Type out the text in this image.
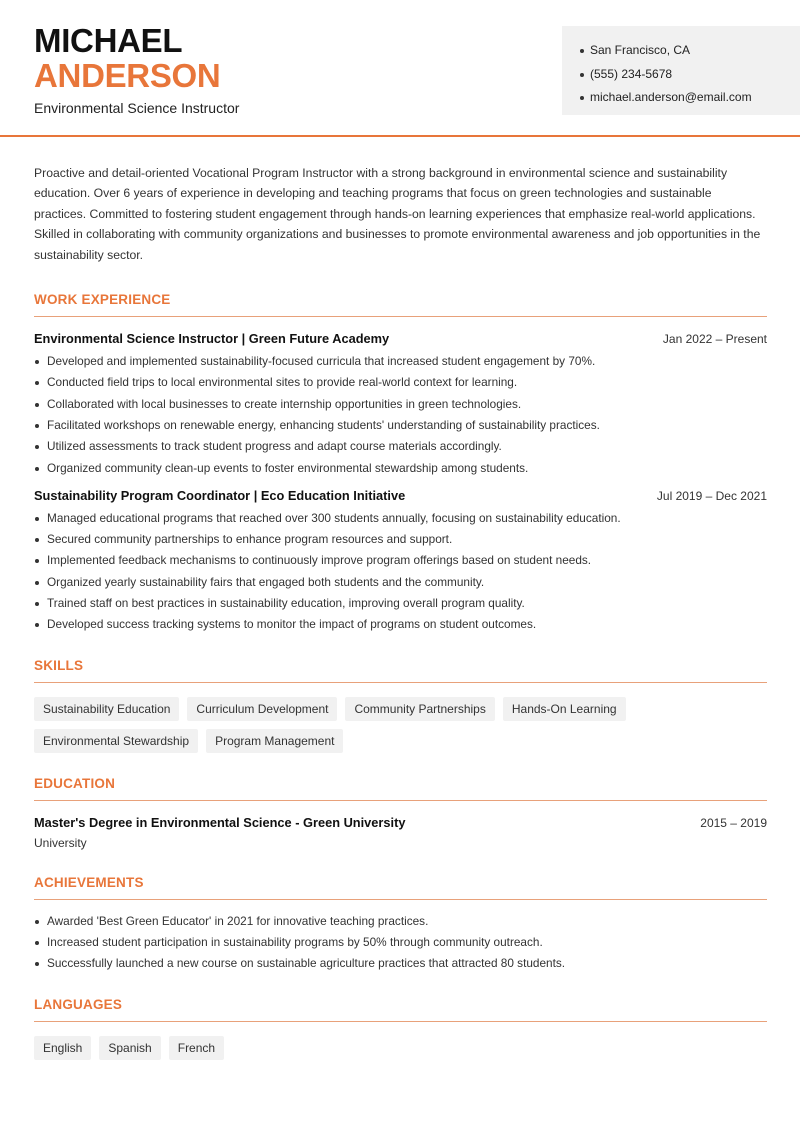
MICHAEL
ANDERSON
Environmental Science Instructor
San Francisco, CA
(555) 234-5678
michael.anderson@email.com

Proactive and detail-oriented Vocational Program Instructor with a strong background in environmental science and sustainability education. Over 6 years of experience in developing and teaching programs that focus on green technologies and sustainable practices. Committed to fostering student engagement through hands-on learning experiences that emphasize real-world applications. Skilled in collaborating with community organizations and businesses to promote environmental awareness and job opportunities in the sustainability sector.

WORK EXPERIENCE
Environmental Science Instructor | Green Future Academy	Jan 2022 – Present
Developed and implemented sustainability-focused curricula that increased student engagement by 70%.
Conducted field trips to local environmental sites to provide real-world context for learning.
Collaborated with local businesses to create internship opportunities in green technologies.
Facilitated workshops on renewable energy, enhancing students' understanding of sustainability practices.
Utilized assessments to track student progress and adapt course materials accordingly.
Organized community clean-up events to foster environmental stewardship among students.
Sustainability Program Coordinator | Eco Education Initiative	Jul 2019 – Dec 2021
Managed educational programs that reached over 300 students annually, focusing on sustainability education.
Secured community partnerships to enhance program resources and support.
Implemented feedback mechanisms to continuously improve program offerings based on student needs.
Organized yearly sustainability fairs that engaged both students and the community.
Trained staff on best practices in sustainability education, improving overall program quality.
Developed success tracking systems to monitor the impact of programs on student outcomes.
SKILLS
Sustainability Education	Curriculum Development	Community Partnerships	Hands-On Learning
Environmental Stewardship	Program Management
EDUCATION
Master's Degree in Environmental Science - Green University	2015 – 2019
University
ACHIEVEMENTS
Awarded 'Best Green Educator' in 2021 for innovative teaching practices.
Increased student participation in sustainability programs by 50% through community outreach.
Successfully launched a new course on sustainable agriculture practices that attracted 80 students.
LANGUAGES
English	Spanish	French
